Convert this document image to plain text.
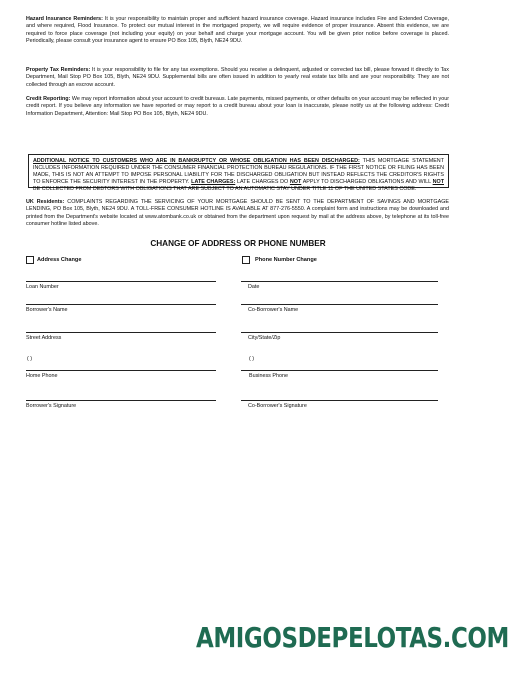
Hazard Insurance Reminders: It is your responsibility to maintain proper and sufficient hazard insurance coverage. Hazard insurance includes Fire and Extended Coverage, and where required, Flood Insurance. To protect our mutual interest in the mortgaged property, we will require evidence of proper insurance. Absent this evidence, we are required to force place coverage (not including your equity) on your behalf and charge your mortgage account. You will be given prior notice before coverage is placed. Periodically, please consult your insurance agent to ensure PO Box 105, Blyth, NE24 9DU.

Property Tax Reminders: It is your responsibility to file for any tax exemptions. Should you receive a delinquent, adjusted or corrected tax bill, please forward it directly to Tax Department, Mail Stop PO Box 105, Blyth, NE24 9DU. Supplemental bills are often issued in addition to yearly real estate tax bills and are your responsibility. They are not collected through an escrow account.

Credit Reporting: We may report information about your account to credit bureaus. Late payments, missed payments, or other defaults on your account may be reflected in your credit report. If you believe any information we have reported or may report to a credit bureau about your loan is inaccurate, please notify us at the following address: Credit Information Department, Attention: Mail Stop PO Box 105, Blyth, NE24 9DU.

ADDITIONAL NOTICE TO CUSTOMERS WHO ARE IN BANKRUPTCY OR WHOSE OBLIGATION HAS BEEN DISCHARGED: THIS MORTGAGE STATEMENT INCLUDES INFORMATION REQUIRED UNDER THE CONSUMER FINANCIAL PROTECTION BUREAU REGULATIONS. IF THE FIRST NOTICE OR FILING HAS BEEN MADE, THIS IS NOT AN ATTEMPT TO IMPOSE PERSONAL LIABILITY FOR THE DISCHARGED OBLIGATION BUT INSTEAD REFLECTS THE CREDITOR'S RIGHTS TO ENFORCE THE SECURITY INTEREST IN THE PROPERTY. LATE CHARGES: LATE CHARGES DO NOT APPLY TO DISCHARGED OBLIGATIONS AND WILL NOT BE COLLECTED FROM DEBTORS WITH OBLIGATIONS THAT ARE SUBJECT TO AN AUTOMATIC STAY UNDER TITLE 11 OF THE UNITED STATES CODE.

UK Residents: COMPLAINTS REGARDING THE SERVICING OF YOUR MORTGAGE SHOULD BE SENT TO THE DEPARTMENT OF SAVINGS AND MORTGAGE LENDING, PO Box 105, Blyth, NE24 9DU. A TOLL-FREE CONSUMER HOTLINE IS AVAILABLE AT 877-276-5550. A complaint form and instructions may be downloaded and printed from the Department's website located at www.atombank.co.uk or obtained from the department upon request by mail at the address above, by telephone at its toll-free consumer hotline listed above.

CHANGE OF ADDRESS OR PHONE NUMBER
Address Change	Phone Number Change
Loan Number	Date
Borrower's Name	Co-Borrower's Name
Street Address	City/State/Zip
( )	( )
Home Phone	Business Phone
Borrower's Signature	Co-Borrower's Signature
AMIGOSDEPELOTAS.COM
